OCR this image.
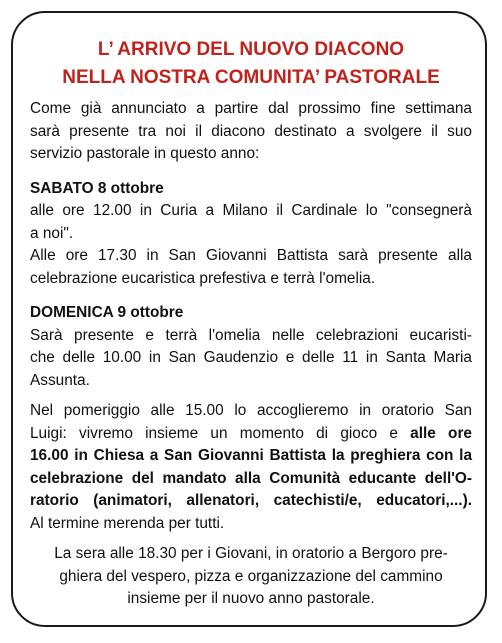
L’ ARRIVO DEL NUOVO DIACONO
NELLA NOSTRA COMUNITA’ PASTORALE
Come già annunciato a partire dal prossimo fine settimana
sarà presente tra noi il diacono destinato a svolgere il suo
servizio pastorale in questo anno:
SABATO 8 ottobre
alle ore 12.00 in Curia a Milano il Cardinale lo "consegnerà
a noi".
Alle ore 17.30 in San Giovanni Battista sarà presente alla
celebrazione eucaristica prefestiva e terrà l'omelia.
DOMENICA 9 ottobre
Sarà presente e terrà l'omelia nelle celebrazioni eucaristi-
che delle 10.00 in San Gaudenzio e delle 11 in Santa Maria
Assunta.
Nel pomeriggio alle 15.00 lo accoglieremo in oratorio San
Luigi: vivremo insieme un momento di gioco e alle ore
16.00 in Chiesa a San Giovanni Battista la preghiera con la
celebrazione del mandato alla Comunità educante dell'O-
ratorio (animatori, allenatori, catechisti/e, educatori,...).
Al termine merenda per tutti.
La sera alle 18.30 per i Giovani, in oratorio a Bergoro pre-
ghiera del vespero, pizza e organizzazione del cammino
insieme per il nuovo anno pastorale.
